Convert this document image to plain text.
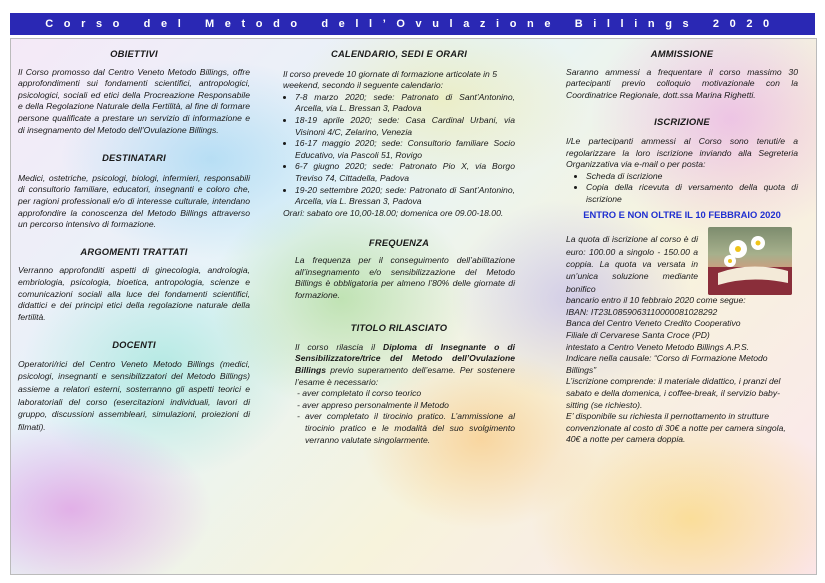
Corso del Metodo dell’Ovulazione Billings 2020
OBIETTIVI

Il Corso promosso dal Centro Veneto Metodo Billings, offre approfondimenti sui fondamenti scientifici, antropologici, psicologici, sociali ed etici della Procreazione Responsabile e della Regolazione Naturale della Fertilità, al fine di formare persone qualificate a prestare un servizio di informazione e di insegnamento del Metodo dell’Ovulazione Billings.

DESTINATARI

Medici, ostetriche, psicologi, biologi, infermieri, responsabili di consultorio familiare, educatori, insegnanti e coloro che, per ragioni professionali e/o di interesse culturale, intendano approfondire la conoscenza del Metodo Billings attraverso un percorso intensivo di formazione.

ARGOMENTI TRATTATI

Verranno approfonditi aspetti di ginecologia, andrologia, embriologia, psicologia, bioetica, antropologia, scienze e comunicazioni sociali alla luce dei fondamenti scientifici, didattici e dei principi etici della regolazione naturale della fertilità.

DOCENTI

Operatori/rici del Centro Veneto Metodo Billings (medici, psicologi, insegnanti e sensibilizzatori del Metodo Billings) assieme a relatori esterni, sosterranno gli aspetti teorici e laboratoriali del corso (esercitazioni individuali, lavori di gruppo, discussioni assembleari, simulazioni, proiezioni di filmati).

CALENDARIO, SEDI E ORARI

Il corso prevede 10 giornate di formazione articolate in 5 weekend, secondo il seguente calendario:

• 7-8 marzo 2020; sede: Patronato di Sant’Antonino, Arcella, via L. Bressan 3, Padova
• 18-19 aprile 2020; sede: Casa Cardinal Urbani, via Visinoni 4/C, Zelarino, Venezia
• 16-17 maggio 2020; sede: Consultorio familiare Socio Educativo, via Pascoli 51, Rovigo
• 6-7 giugno 2020; sede: Patronato Pio X, via Borgo Treviso 74, Cittadella, Padova
• 19-20 settembre 2020; sede: Patronato di Sant’Antonino, Arcella, via L. Bressan 3, Padova

Orari: sabato ore 10,00-18.00; domenica ore 09.00-18.00.

FREQUENZA

La frequenza per il conseguimento dell’abilitazione all’insegnamento e/o sensibilizzazione del Metodo Billings è obbligatoria per almeno l’80% delle giornate di formazione.

TITOLO RILASCIATO

Il corso rilascia il Diploma di Insegnante o di Sensibilizzatore/trice del Metodo dell’Ovulazione Billings previo superamento dell’esame. Per sostenere l’esame è necessario:

- aver completato il corso teorico
- aver appreso personalmente il Metodo
- aver completato il tirocinio pratico. L’ammissione al tirocinio pratico e le modalità del suo svolgimento verranno valutate singolarmente.
AMMISSIONE

Saranno ammessi a frequentare il corso massimo 30 partecipanti previo colloquio motivazionale con la Coordinatrice Regionale, dott.ssa Marina Righetti.

ISCRIZIONE

I/Le partecipanti ammessi al Corso sono tenuti/e a regolarizzare la loro iscrizione inviando alla Segreteria Organizzativa via e-mail o per posta:

• Scheda di iscrizione
• Copia della ricevuta di versamento della quota di iscrizione
ENTRO E NON OLTRE IL 10 FEBBRAIO 2020

La quota di iscrizione al corso è di euro: 100.00 a singolo - 150.00 a coppia. La quota va versata in un’unica soluzione mediante bonifico

bancario entro il 10 febbraio 2020 come segue:

IBAN: IT23L0859063110000081028292

Banca del Centro Veneto Credito Cooperativo

Filiale di Cervarese Santa Croce (PD)

intestato a Centro Veneto Metodo Billings A.P.S.

Indicare nella causale: “Corso di Formazione Metodo Billings”

L’iscrizione comprende: il materiale didattico, i pranzi del sabato e della domenica, i coffee-break, il servizio baby-sitting (se richiesto).

E’ disponibile su richiesta il pernottamento in strutture convenzionate al costo di 30€ a notte per camera singola, 40€ a notte per camera doppia.
